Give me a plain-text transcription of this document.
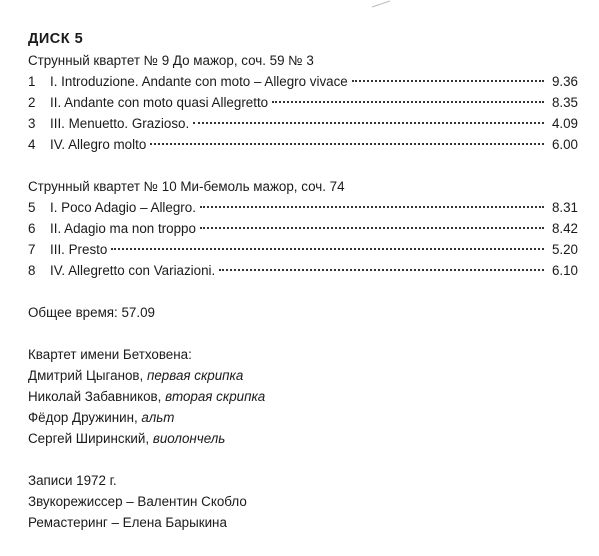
ДИСК 5
Струнный квартет № 9 До мажор, соч. 59 № 3
1	I. Introduzione. Andante con moto – Allegro vivace	9.36
2	II. Andante con moto quasi Allegretto	8.35
3	III. Menuetto. Grazioso.	4.09
4	IV. Allegro molto	6.00
Струнный квартет № 10 Ми-бемоль мажор, соч. 74
5	I. Poco Adagio – Allegro.	8.31
6	II. Adagio ma non troppo	8.42
7	III. Presto	5.20
8	IV. Allegretto con Variazioni.	6.10
Общее время: 57.09
Квартет имени Бетховена:
Дмитрий Цыганов, первая скрипка
Николай Забавников, вторая скрипка
Фёдор Дружинин, альт
Сергей Ширинский, виолончель
Записи 1972 г.
Звукорежиссер – Валентин Скобло
Ремастеринг – Елена Барыкина
